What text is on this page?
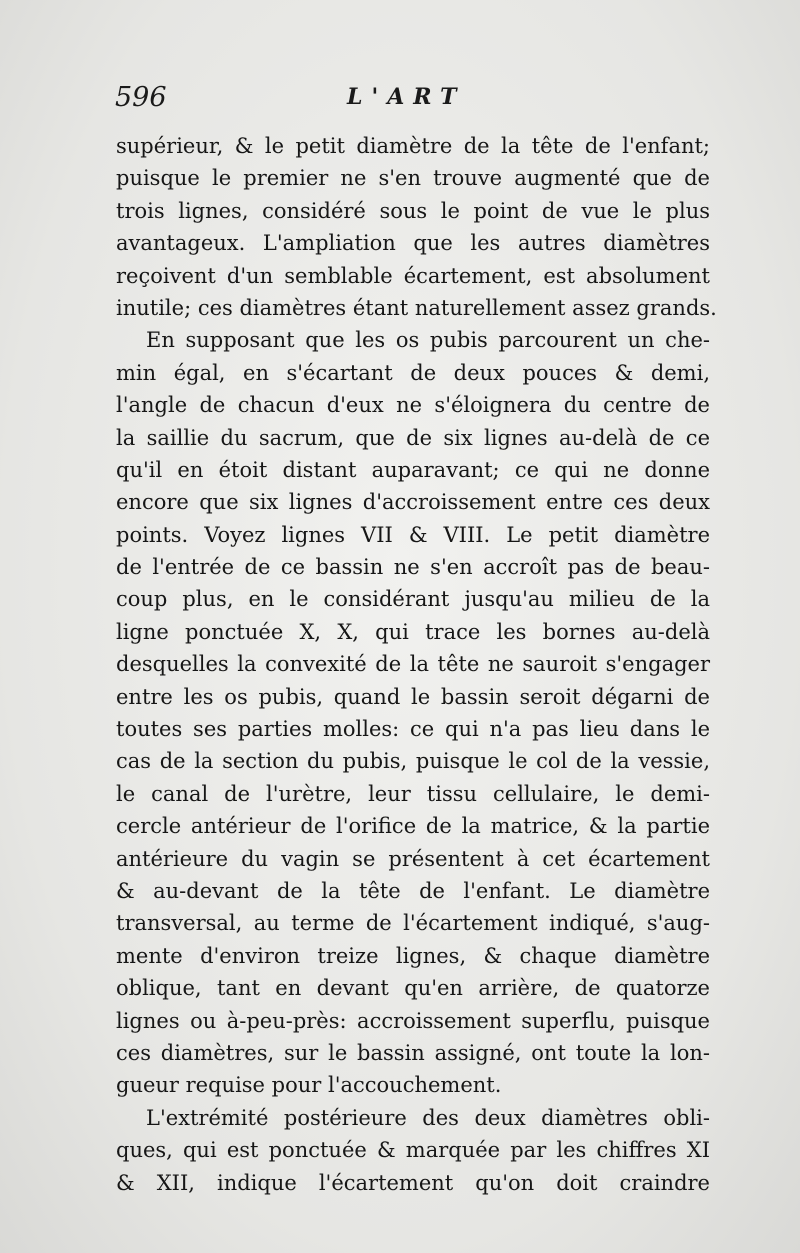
596	L'ART
supérieur, & le petit diamètre de la tête de l'enfant;
puisque le premier ne s'en trouve augmenté que de
trois lignes, considéré sous le point de vue le plus
avantageux. L'ampliation que les autres diamètres
reçoivent d'un semblable écartement, est absolument
inutile; ces diamètres étant naturellement assez grands.
En supposant que les os pubis parcourent un che-
min égal, en s'écartant de deux pouces & demi,
l'angle de chacun d'eux ne s'éloignera du centre de
la saillie du sacrum, que de six lignes au-delà de ce
qu'il en étoit distant auparavant; ce qui ne donne
encore que six lignes d'accroissement entre ces deux
points. Voyez lignes VII & VIII. Le petit diamètre
de l'entrée de ce bassin ne s'en accroît pas de beau-
coup plus, en le considérant jusqu'au milieu de la
ligne ponctuée X, X, qui trace les bornes au-delà
desquelles la convexité de la tête ne sauroit s'engager
entre les os pubis, quand le bassin seroit dégarni de
toutes ses parties molles: ce qui n'a pas lieu dans le
cas de la section du pubis, puisque le col de la vessie,
le canal de l'urètre, leur tissu cellulaire, le demi-
cercle antérieur de l'orifice de la matrice, & la partie
antérieure du vagin se présentent à cet écartement
& au-devant de la tête de l'enfant. Le diamètre
transversal, au terme de l'écartement indiqué, s'aug-
mente d'environ treize lignes, & chaque diamètre
oblique, tant en devant qu'en arrière, de quatorze
lignes ou à-peu-près: accroissement superflu, puisque
ces diamètres, sur le bassin assigné, ont toute la lon-
gueur requise pour l'accouchement.
L'extrémité postérieure des deux diamètres obli-
ques, qui est ponctuée & marquée par les chiffres XI
& XII, indique l'écartement qu'on doit craindre
